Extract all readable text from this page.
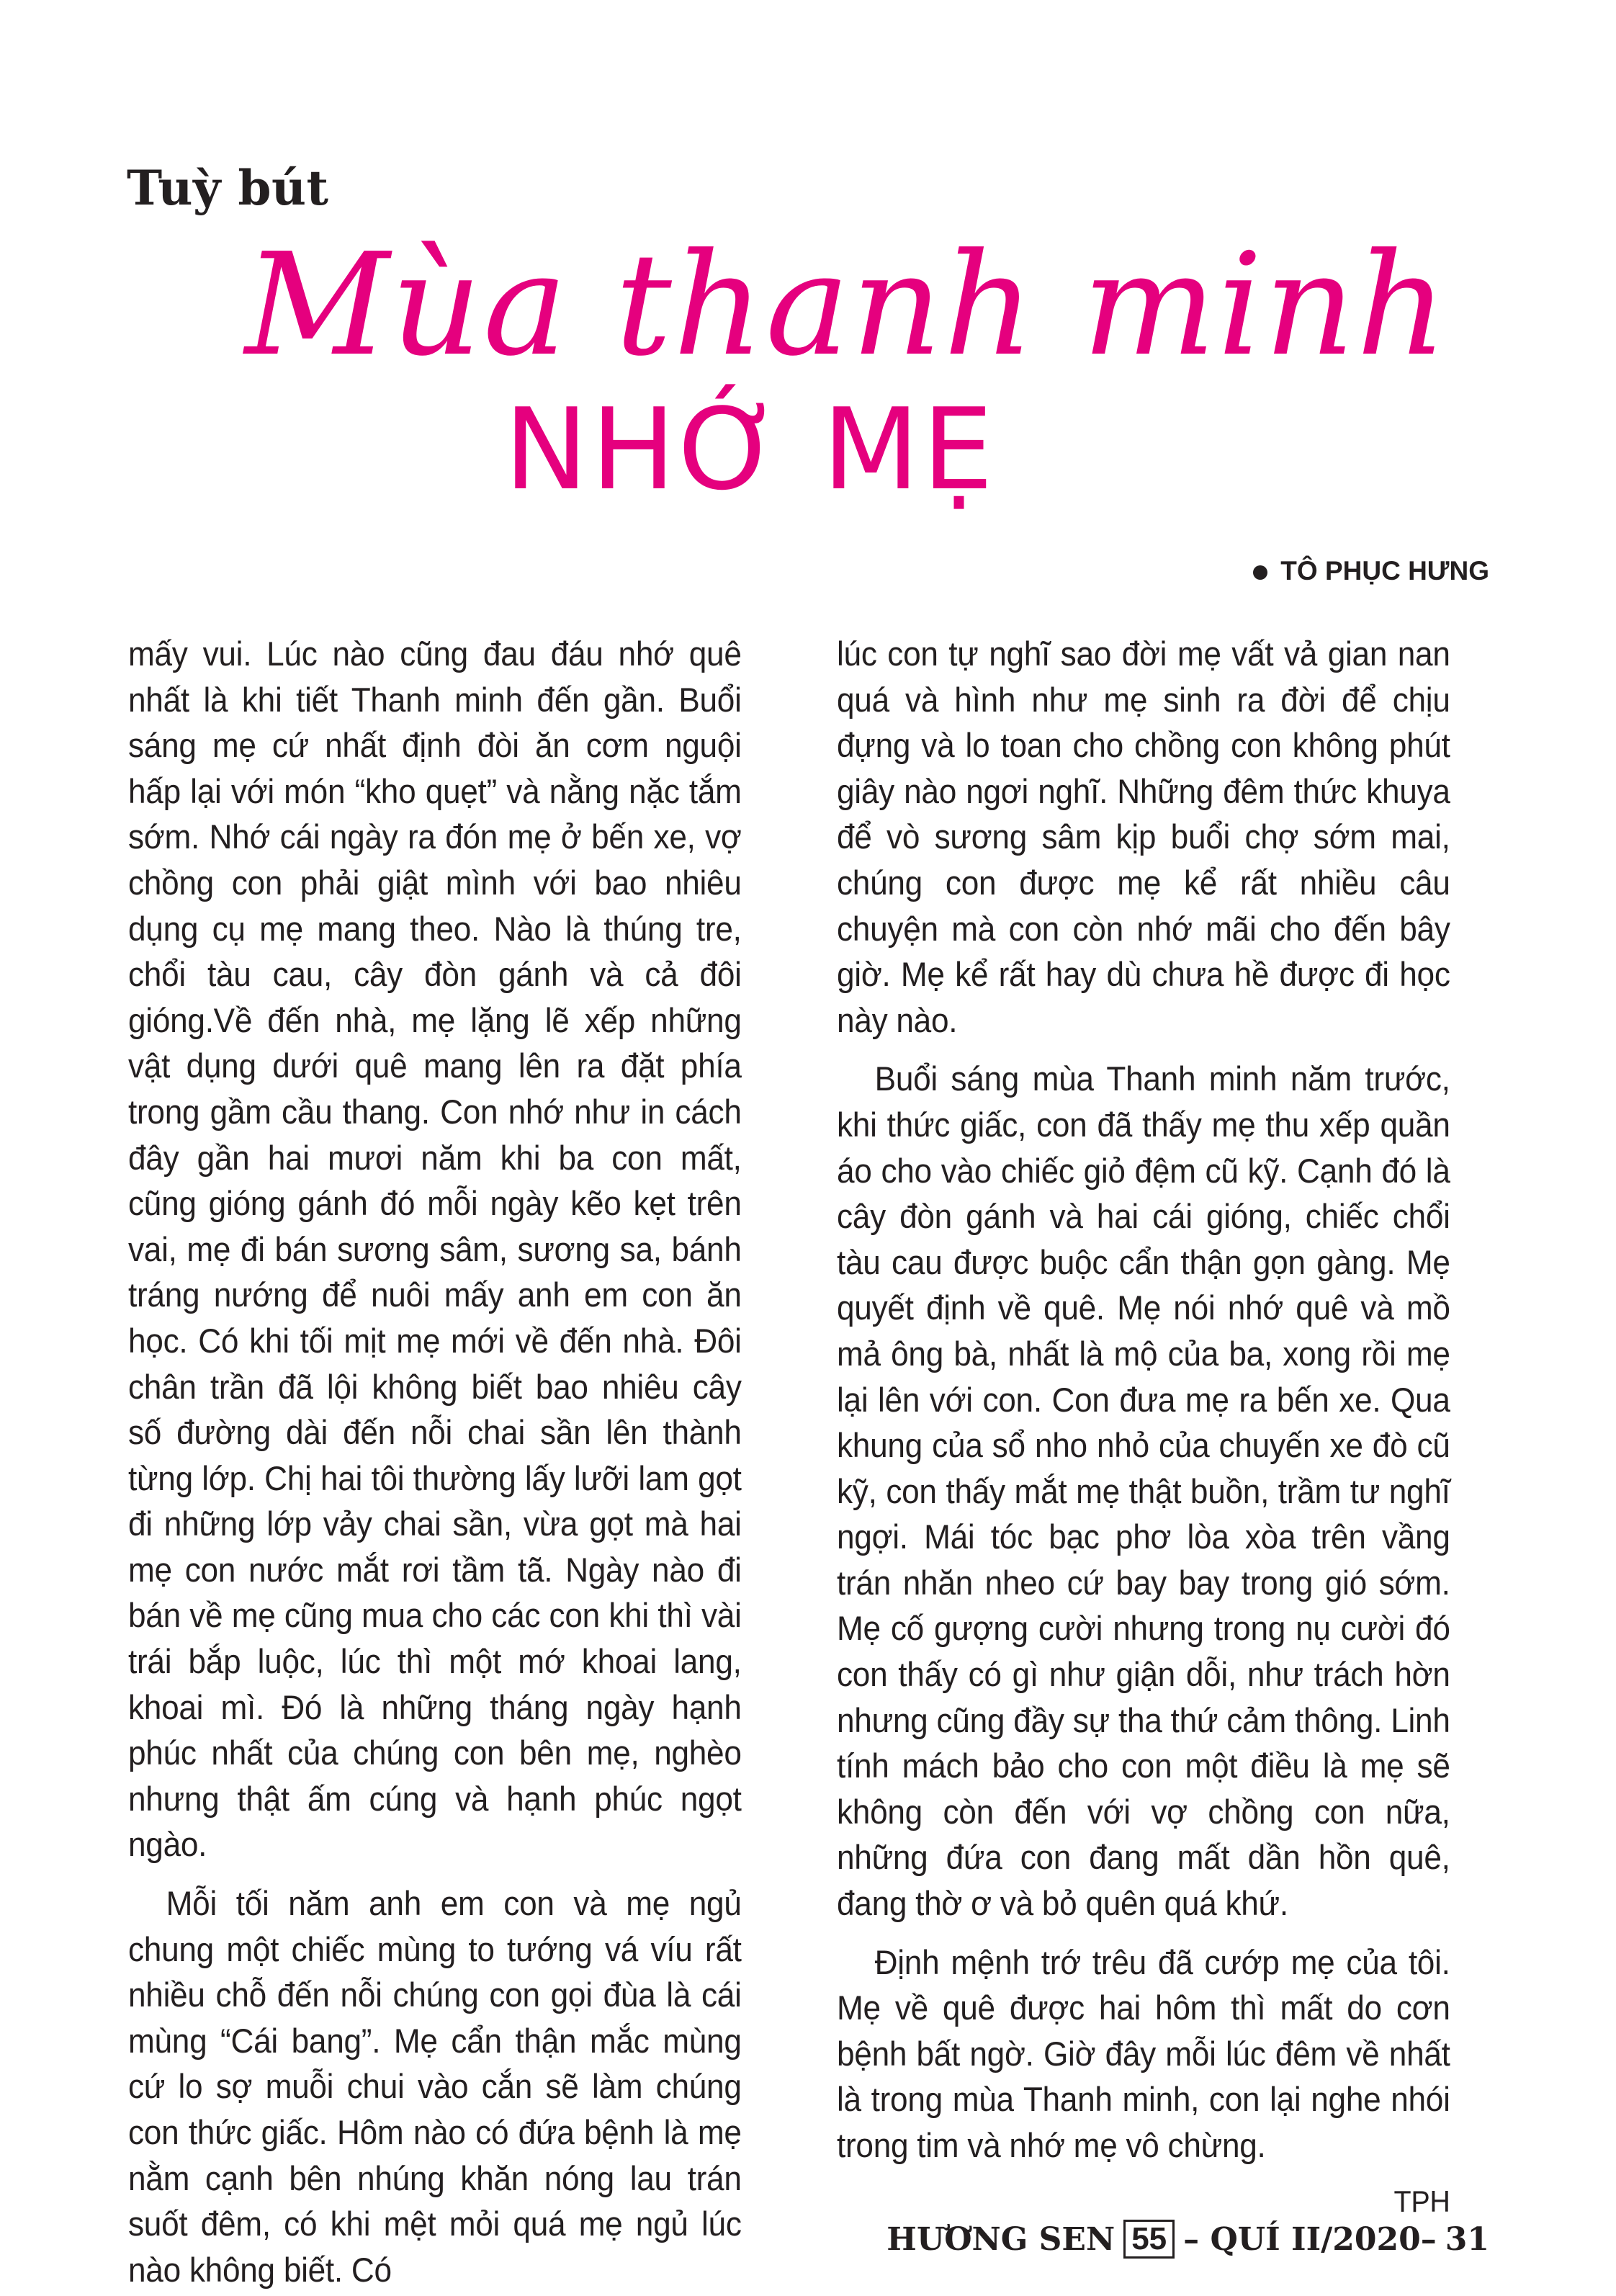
Tuỳ bút
Mùa thanh minh
NHỚ MẸ
TÔ PHỤC HƯNG

mấy vui. Lúc nào cũng đau đáu nhớ quê nhất là khi tiết Thanh minh đến gần. Buổi sáng mẹ cứ nhất định đòi ăn cơm nguội hấp lại với món “kho quẹt” và nằng nặc tắm sớm. Nhớ cái ngày ra đón mẹ ở bến xe, vợ chồng con phải giật mình với bao nhiêu dụng cụ mẹ mang theo. Nào là thúng tre, chổi tàu cau, cây đòn gánh và cả đôi gióng.Về đến nhà, mẹ lặng lẽ xếp những vật dụng dưới quê mang lên ra đặt phía trong gầm cầu thang. Con nhớ như in cách đây gần hai mươi năm khi ba con mất, cũng gióng gánh đó mỗi ngày kẽo kẹt trên vai, mẹ đi bán sương sâm, sương sa, bánh tráng nướng để nuôi mấy anh em con ăn học. Có khi tối mịt mẹ mới về đến nhà. Đôi chân trần đã lội không biết bao nhiêu cây số đường dài đến nỗi chai sần lên thành từng lớp. Chị hai tôi thường lấy lưỡi lam gọt đi những lớp vảy chai sần, vừa gọt mà hai mẹ con nước mắt rơi tầm tã. Ngày nào đi bán về mẹ cũng mua cho các con khi thì vài trái bắp luộc, lúc thì một mớ khoai lang, khoai mì. Đó là những tháng ngày hạnh phúc nhất của chúng con bên mẹ, nghèo nhưng thật ấm cúng và hạnh phúc ngọt ngào.

Mỗi tối năm anh em con và mẹ ngủ chung một chiếc mùng to tướng vá víu rất nhiều chỗ đến nỗi chúng con gọi đùa là cái mùng “Cái bang”. Mẹ cẩn thận mắc mùng cứ lo sợ muỗi chui vào cắn sẽ làm chúng con thức giấc. Hôm nào có đứa bệnh là mẹ nằm cạnh bên nhúng khăn nóng lau trán suốt đêm, có khi mệt mỏi quá mẹ ngủ lúc nào không biết. Có

lúc con tự nghĩ sao đời mẹ vất vả gian nan quá và hình như mẹ sinh ra đời để chịu đựng và lo toan cho chồng con không phút giây nào ngơi nghĩ. Những đêm thức khuya để vò sương sâm kịp buổi chợ sớm mai, chúng con được mẹ kể rất nhiều câu chuyện mà con còn nhớ mãi cho đến bây giờ. Mẹ kể rất hay dù chưa hề được đi học này nào.

Buổi sáng mùa Thanh minh năm trước, khi thức giấc, con đã thấy mẹ thu xếp quần áo cho vào chiếc giỏ đệm cũ kỹ. Cạnh đó là cây đòn gánh và hai cái gióng, chiếc chổi tàu cau được buộc cẩn thận gọn gàng. Mẹ quyết định về quê. Mẹ nói nhớ quê và mồ mả ông bà, nhất là mộ của ba, xong rồi mẹ lại lên với con. Con đưa mẹ ra bến xe. Qua khung của sổ nho nhỏ của chuyến xe đò cũ kỹ, con thấy mắt mẹ thật buồn, trầm tư nghĩ ngợi. Mái tóc bạc phơ lòa xòa trên vầng trán nhăn nheo cứ bay bay trong gió sớm. Mẹ cố gượng cười nhưng trong nụ cười đó con thấy có gì như giận dỗi, như trách hờn nhưng cũng đầy sự tha thứ cảm thông. Linh tính mách bảo cho con một điều là mẹ sẽ không còn đến với vợ chồng con nữa, những đứa con đang mất dần hồn quê, đang thờ ơ và bỏ quên quá khứ.

Định mệnh trớ trêu đã cướp mẹ của tôi. Mẹ về quê được hai hôm thì mất do cơn bệnh bất ngờ. Giờ đây mỗi lúc đêm về nhất là trong mùa Thanh minh, con lại nghe nhói trong tim và nhớ mẹ vô chừng.

TPH
HƯƠNG SEN 55 – QUÍ II/2020– 31
